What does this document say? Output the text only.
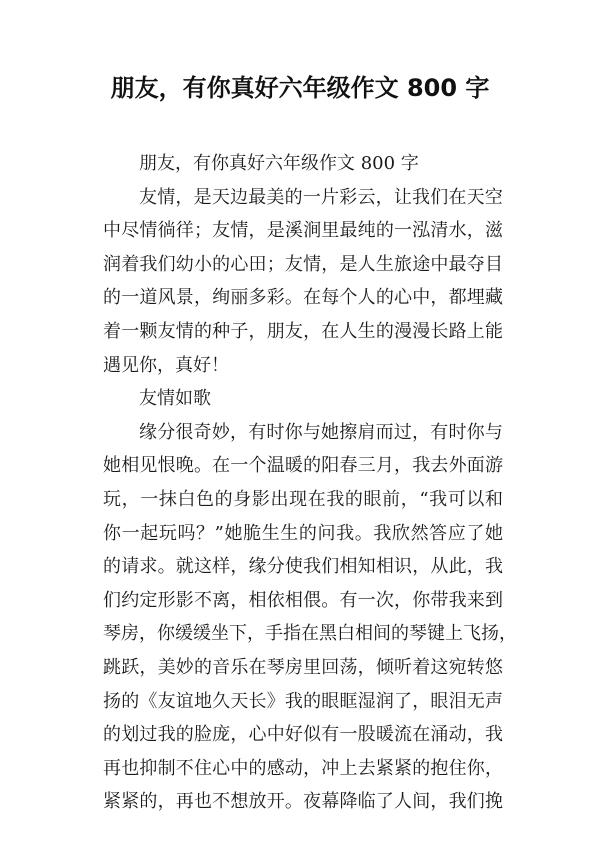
朋友，有你真好六年级作文 800 字
朋友，有你真好六年级作文 800 字
友 情 ， 是 天 边 最 美 的 一 片 彩 云 ， 让 我 们 在 天 空
中 尽 情 徜 徉 ； 友 情 ， 是 溪 涧 里 最 纯 的 一 泓 清 水 ， 滋
润 着 我 们 幼 小 的 心 田 ； 友 情 ， 是 人 生 旅 途 中 最 夺 目
的 一 道 风 景 ， 绚 丽 多 彩 。 在 每 个 人 的 心 中 ， 都 埋 藏
着 一 颗 友 情 的 种 子 ， 朋 友 ， 在 人 生 的 漫 漫 长 路 上 能
遇见你，真好！
友情如歌
缘 分 很 奇 妙 ， 有 时 你 与 她 擦 肩 而 过 ， 有 时 你 与
她 相 见 恨 晚 。 在 一 个 温 暖 的 阳 春 三 月 ， 我 去 外 面 游
玩 ， 一 抹 白 色 的 身 影 出 现 在 我 的 眼 前 ， “ 我 可 以 和
你 一 起 玩 吗 ？ ” 她 脆 生 生 的 问 我 。 我 欣 然 答 应 了 她
的 请 求 。 就 这 样 ， 缘 分 使 我 们 相 知 相 识 ， 从 此 ， 我
们 约 定 形 影 不 离 ， 相 依 相 偎 。 有 一 次 ， 你 带 我 来 到
琴 房 ， 你 缓 缓 坐 下 ， 手 指 在 黑 白 相 间 的 琴 键 上 飞 扬 ，
跳 跃 ， 美 妙 的 音 乐 在 琴 房 里 回 荡 ， 倾 听 着 这 宛 转 悠
扬 的 《 友 谊 地 久 天 长 》 我 的 眼 眶 湿 润 了 ， 眼 泪 无 声
的 划 过 我 的 脸 庞 ， 心 中 好 似 有 一 股 暖 流 在 涌 动 ， 我
再 也 抑 制 不 住 心 中 的 感 动 ， 冲 上 去 紧 紧 的 抱 住 你 ，
紧 紧 的 ， 再 也 不 想 放 开 。 夜 幕 降 临 了 人 间 ， 我 们 挽
